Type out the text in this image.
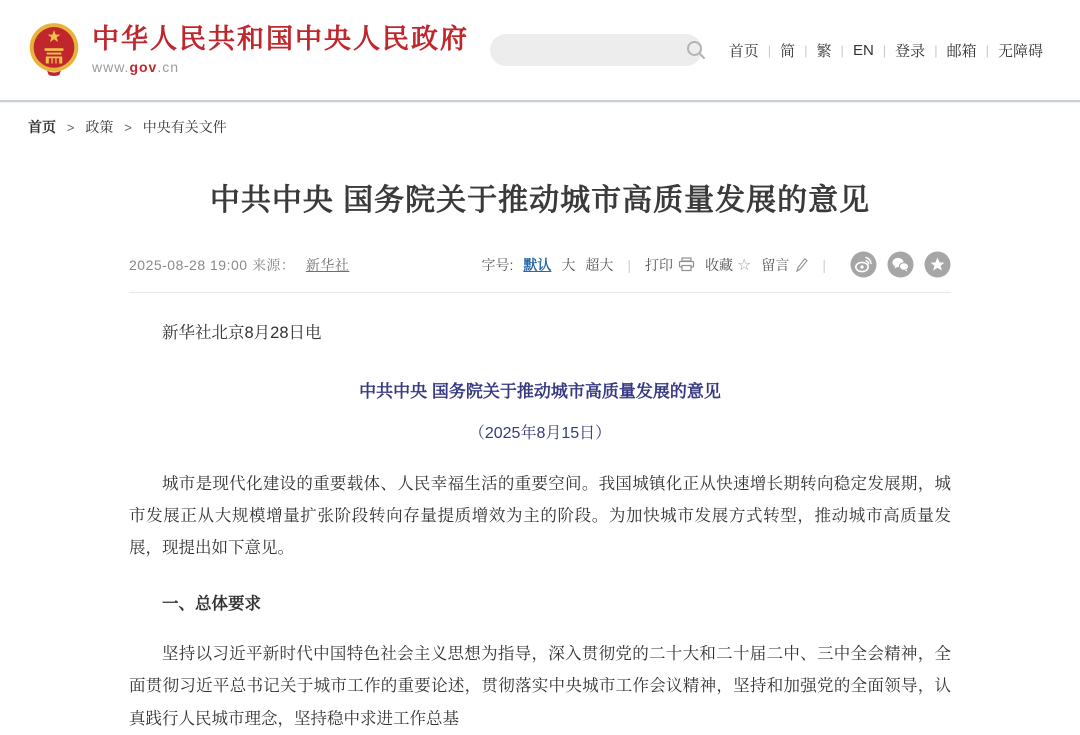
中华人民共和国中央人民政府
www.gov.cn
首页 | 简 | 繁 | EN | 登录 | 邮箱 | 无障碍
首页 > 政策 > 中央有关文件
中共中央 国务院关于推动城市高质量发展的意见
2025-08-28 19:00 来源： 新华社	字号: 默认 大 超大 | 打印 收藏 ☆ 留言 |

新华社北京8月28日电

中共中央 国务院关于推动城市高质量发展的意见
（2025年8月15日）

城市是现代化建设的重要载体、人民幸福生活的重要空间。我国城镇化正从快速增长期转向稳定发展期，城市发展正从大规模增量扩张阶段转向存量提质增效为主的阶段。为加快城市发展方式转型，推动城市高质量发展，现提出如下意见。

一、总体要求

坚持以习近平新时代中国特色社会主义思想为指导，深入贯彻党的二十大和二十届二中、三中全会精神，全面贯彻习近平总书记关于城市工作的重要论述，贯彻落实中央城市工作会议精神，坚持和加强党的全面领导，认真践行人民城市理念，坚持稳中求进工作总基
